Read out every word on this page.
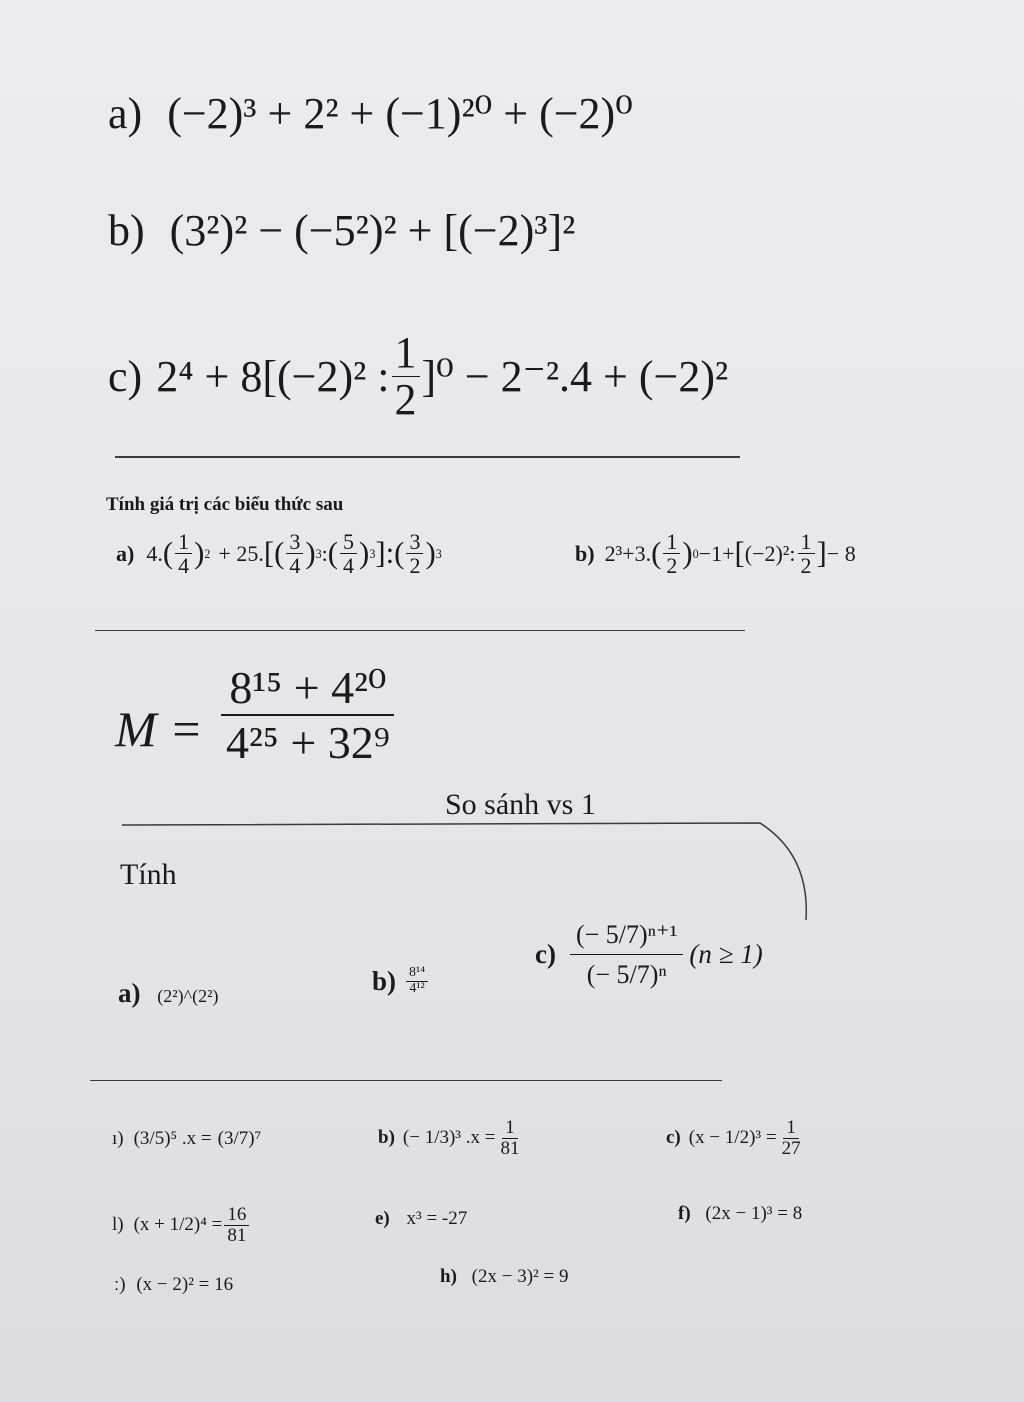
a) (−2)³ + 2² + (−1)²⁰ + (−2)⁰
b) (3²)² − (−5²)² + [(−2)³]²
c) 2⁴ + 8[(−2)² : $\frac{1}{2} ]^0 - 2^{-2}.4 + (-2)^2$
Tính giá trị các biểu thức sau
a) 4. ( $\frac{1}{4}$ ) 2 + 25. [( $\frac{3}{4}$ ) 3 : ( $\frac{5}{4}$ ) 3 ]:( $\frac{3}{2}$ ) 3	b) 2³+3. ( $\frac{1}{2}$ ) 0 −1+ [ (−2)²: $\frac{1}{2}$ ] − 8
$M = \frac{\text{8¹⁵ + 4²⁰}}{\text{4²⁵ + 32⁹}}$
So sánh vs 1
Tính
a) (2²)^(2²)	$b) \frac{\text{8¹⁴}}{\text{4¹²}}$
$c) \frac{\text{(− 5/7)ⁿ⁺¹}}{\text{(− 5/7)ⁿ}} (n \ge 1)$
ı) (3/5)⁵ .x = (3/7)⁷	b) (− 1/3)³ $.x = \frac{1}{81}$	c) $(x - 1/2)^3 = \frac{1}{27}$
l) $(x + 1/2)^4 = \frac{16}{81}$	e) x³ = -27	f) (2x − 1)³ = 8
ː) (x − 2)² = 16	h) (2x − 3)² = 9
